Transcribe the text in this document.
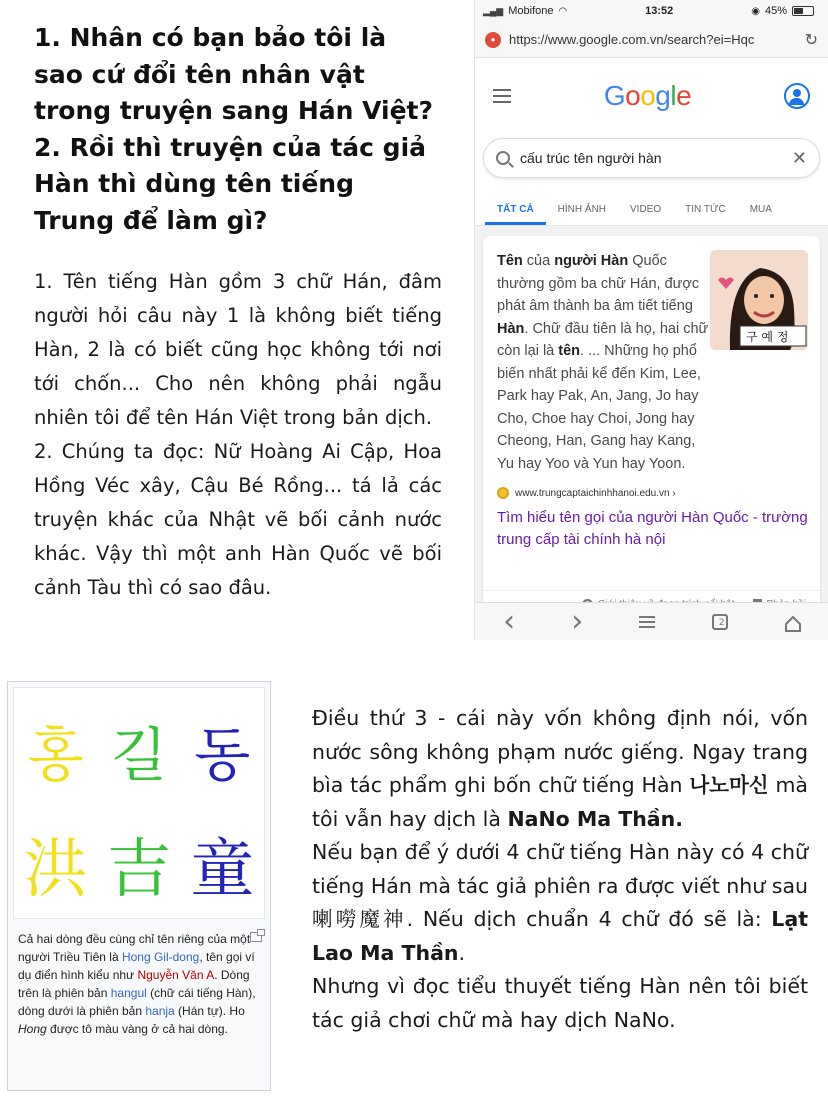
1. Nhân có bạn bảo tôi là sao cứ đổi tên nhân vật trong truyện sang Hán Việt?

2. Rồi thì truyện của tác giả Hàn thì dùng tên tiếng Trung để làm gì?

1. Tên tiếng Hàn gồm 3 chữ Hán, đâm người hỏi câu này 1 là không biết tiếng Hàn, 2 là có biết cũng học không tới nơi tới chốn... Cho nên không phải ngẫu nhiên tôi để tên Hán Việt trong bản dịch.

2. Chúng ta đọc: Nữ Hoàng Ai Cập, Hoa Hồng Véc xây, Cậu Bé Rồng... tá lả các truyện khác của Nhật vẽ bối cảnh nước khác. Vậy thì một anh Hàn Quốc vẽ bối cảnh Tàu thì có sao đâu.

▂▄▆ Mobifone ◠	13:52	◉ 45%
●	https://www.google.com.vn/search?ei=Hqc	↻
Google
cấu trúc tên người hàn	✕
TẤT CẢ	HÌNH ẢNH	VIDEO	TIN TỨC	MUA
구 예 정
Tên của người Hàn Quốc thường gồm ba chữ Hán, được phát âm thành ba âm tiết tiếng Hàn. Chữ đầu tiên là họ, hai chữ còn lại là tên. ... Những họ phổ biến nhất phải kể đến Kim, Lee, Park hay Pak, An, Jang, Jo hay Cho, Choe hay Choi, Jong hay Cheong, Han, Gang hay Kang, Yu hay Yoo và Yun hay Yoon.
www.trungcaptaichinhhanoi.edu.vn ›
Tìm hiểu tên gọi của người Hàn Quốc - trường trung cấp tài chính hà nội
‹ ›	2
홍 길 동
洪 吉 童
Cả hai dòng đều cùng chỉ tên riêng của một người Triều Tiên là Hong Gil-dong, tên gọi ví dụ điển hình kiểu như Nguyễn Văn A. Dòng trên là phiên bản hangul (chữ cái tiếng Hàn), dòng dưới là phiên bản hanja (Hán tự). Ho Hong được tô màu vàng ở cả hai dòng.

Điều thứ 3 - cái này vốn không định nói, vốn nước sông không phạm nước giếng. Ngay trang bìa tác phẩm ghi bốn chữ tiếng Hàn 나노마신 mà tôi vẫn hay dịch là NaNo Ma Thần.

Nếu bạn để ý dưới 4 chữ tiếng Hàn này có 4 chữ tiếng Hán mà tác giả phiên ra được viết như sau 喇嘮魔神. Nếu dịch chuẩn 4 chữ đó sẽ là: Lạt Lao Ma Thần.

Nhưng vì đọc tiểu thuyết tiếng Hàn nên tôi biết tác giả chơi chữ mà hay dịch NaNo.
